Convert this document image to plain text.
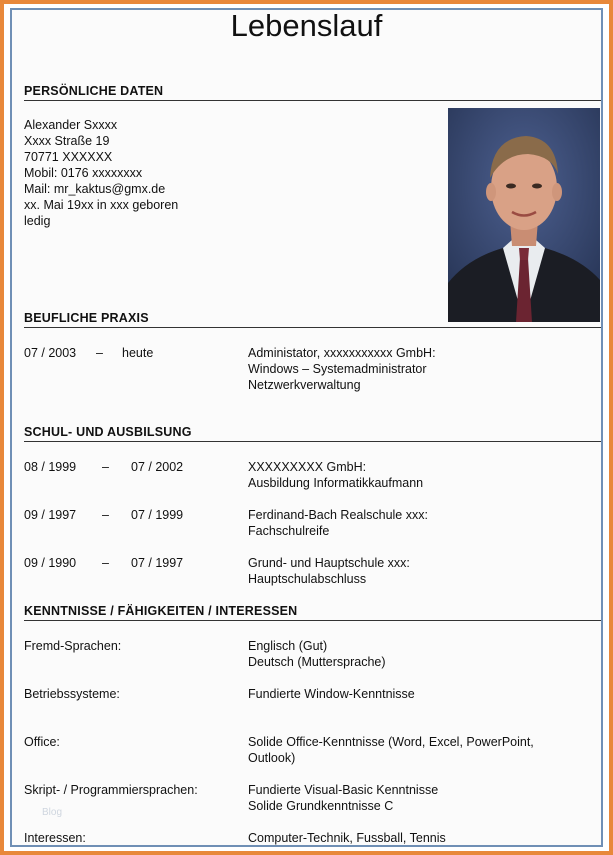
Lebenslauf
PERSÖNLICHE DATEN
Alexander Sxxxx
Xxxx Straße 19
70771 XXXXXX
Mobil: 0176 xxxxxxxx
Mail: mr_kaktus@gmx.de
xx. Mai 19xx in xxx geboren
ledig
BEUFLICHE PRAXIS
07 / 2003 – heute	Administator, xxxxxxxxxxx GmbH:
Windows – Systemadministrator
Netzwerkverwaltung
SCHUL- UND AUSBILSUNG
08 / 1999 – 07 / 2002	XXXXXXXXX GmbH:
Ausbildung Informatikkaufmann
09 / 1997 – 07 / 1999	Ferdinand-Bach Realschule xxx:
Fachschulreife
09 / 1990 – 07 / 1997	Grund- und Hauptschule xxx:
Hauptschulabschluss
KENNTNISSE / FÄHIGKEITEN / INTERESSEN
Fremd-Sprachen:	Englisch (Gut)
Deutsch (Muttersprache)
Betriebssysteme:	Fundierte Window-Kenntnisse
Office:	Solide Office-Kenntnisse (Word, Excel, PowerPoint,
Outlook)
Skript- / Programmiersprachen:	Fundierte Visual-Basic Kenntnisse
Solide Grundkenntnisse C
Blog
Interessen:	Computer-Technik, Fussball, Tennis
